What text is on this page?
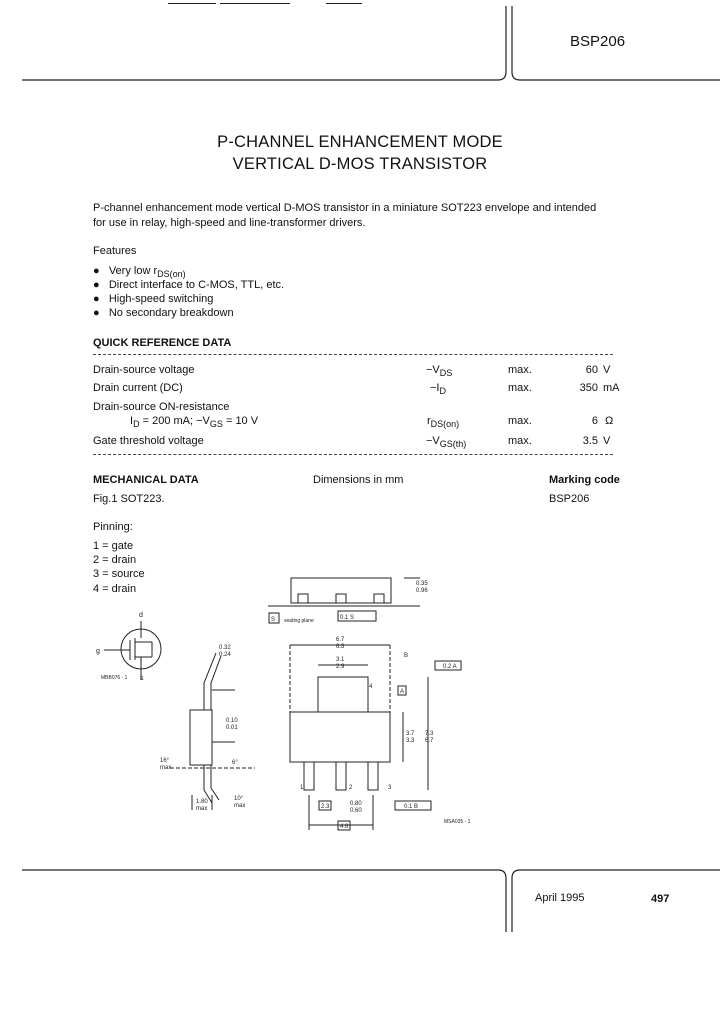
BSP206
P-CHANNEL ENHANCEMENT MODE
VERTICAL D-MOS TRANSISTOR
P-channel enhancement mode vertical D-MOS transistor in a miniature SOT223 envelope and intended
for use in relay, high-speed and line-transformer drivers.
Features
● Very low $r_{DS(on)}$
● Direct interface to C-MOS, TTL, etc.
● High-speed switching
● No secondary breakdown
QUICK REFERENCE DATA
Drain-source voltage	$-V_{DS}$	max.	60 V
Drain current (DC)	$-I_D$	max.	350 mA
Drain-source ON-resistance
$I_D = 200$ mA; $-V_{GS} = 10$ V	$r_{DS(on)}$	max.	6 Ω
Gate threshold voltage	$-V_{GS(th)}$	max.	3.5 V
MECHANICAL DATA	Dimensions in mm	Marking code
Fig.1 SOT223.	BSP206
Pinning:
1 = gate
2 = drain
3 = source
4 = drain
d
g
s
MBB076 - 1
0.32
0.24
0.10
0.01
16°
max
6°
1.80
max
10°
max
0.35
0.96
S seating plane	0.1 S
6.7
6.3
3.1
2.9
B
0.2 A
A
4
1	2	3
3.7
3.3
7.3
6.7
2.3	0.80
0.60
0.1 B
4.6
MSA035 - 1
April 1995	497
